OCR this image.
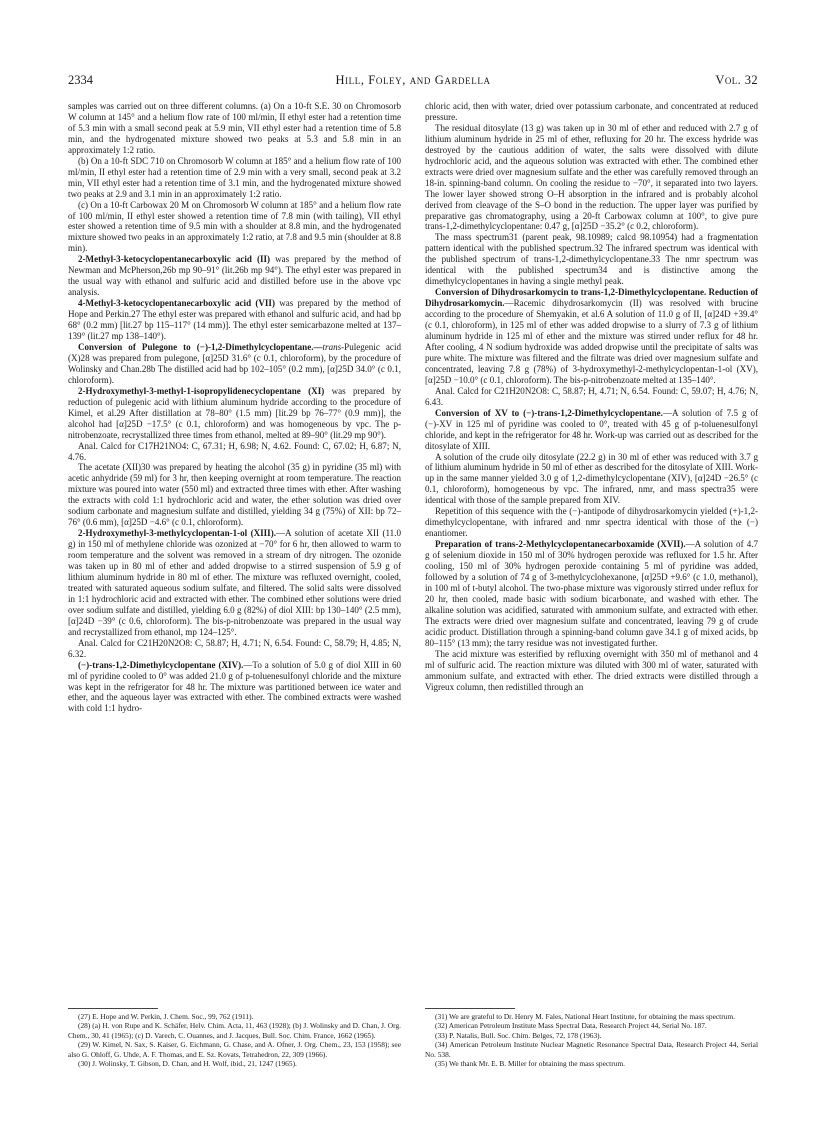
2334	Hill, Foley, and Gardella	Vol. 32

samples was carried out on three different columns. (a) On a 10-ft S.E. 30 on Chromosorb W column at 145° and a helium flow rate of 100 ml/min, II ethyl ester had a retention time of 5.3 min with a small second peak at 5.9 min, VII ethyl ester had a retention time of 5.8 min, and the hydrogenated mixture showed two peaks at 5.3 and 5.8 min in an approximately 1:2 ratio.

(b) On a 10-ft SDC 710 on Chromosorb W column at 185° and a helium flow rate of 100 ml/min, II ethyl ester had a retention time of 2.9 min with a very small, second peak at 3.2 min, VII ethyl ester had a retention time of 3.1 min, and the hydrogenated mixture showed two peaks at 2.9 and 3.1 min in an approximately 1:2 ratio.

(c) On a 10-ft Carbowax 20 M on Chromosorb W column at 185° and a helium flow rate of 100 ml/min, II ethyl ester showed a retention time of 7.8 min (with tailing), VII ethyl ester showed a retention time of 9.5 min with a shoulder at 8.8 min, and the hydrogenated mixture showed two peaks in an approximately 1:2 ratio, at 7.8 and 9.5 min (shoulder at 8.8 min).

2-Methyl-3-ketocyclopentanecarboxylic acid (II) was prepared by the method of Newman and McPherson,26b mp 90–91° (lit.26b mp 94°). The ethyl ester was prepared in the usual way with ethanol and sulfuric acid and distilled before use in the above vpc analysis.

4-Methyl-3-ketocyclopentanecarboxylic acid (VII) was prepared by the method of Hope and Perkin.27 The ethyl ester was prepared with ethanol and sulfuric acid, and had bp 68° (0.2 mm) [lit.27 bp 115–117° (14 mm)]. The ethyl ester semicarbazone melted at 137–139° (lit.27 mp 138–140°).

Conversion of Pulegone to (−)-1,2-Dimethylcyclopentane.—trans-Pulegenic acid (X)28 was prepared from pulegone, [α]25D 31.6° (c 0.1, chloroform), by the procedure of Wolinsky and Chan.28b The distilled acid had bp 102–105° (0.2 mm), [α]25D 34.0° (c 0.1, chloroform).

2-Hydroxymethyl-3-methyl-1-isopropylidenecyclopentane (XI) was prepared by reduction of pulegenic acid with lithium aluminum hydride according to the procedure of Kimel, et al.29 After distillation at 78–80° (1.5 mm) [lit.29 bp 76–77° (0.9 mm)], the alcohol had [α]25D −17.5° (c 0.1, chloroform) and was homogeneous by vpc. The p-nitrobenzoate, recrystallized three times from ethanol, melted at 89–90° (lit.29 mp 90°).

Anal. Calcd for C17H21NO4: C, 67.31; H, 6.98; N, 4.62. Found: C, 67.02; H, 6.87; N, 4.76.

The acetate (XII)30 was prepared by heating the alcohol (35 g) in pyridine (35 ml) with acetic anhydride (59 ml) for 3 hr, then keeping overnight at room temperature. The reaction mixture was poured into water (550 ml) and extracted three times with ether. After washing the extracts with cold 1:1 hydrochloric acid and water, the ether solution was dried over sodium carbonate and magnesium sulfate and distilled, yielding 34 g (75%) of XII: bp 72–76° (0.6 mm), [α]25D −4.6° (c 0.1, chloroform).

2-Hydroxymethyl-3-methylcyclopentan-1-ol (XIII).—A solution of acetate XII (11.0 g) in 150 ml of methylene chloride was ozonized at −70° for 6 hr, then allowed to warm to room temperature and the solvent was removed in a stream of dry nitrogen. The ozonide was taken up in 80 ml of ether and added dropwise to a stirred suspension of 5.9 g of lithium aluminum hydride in 80 ml of ether. The mixture was refluxed overnight, cooled, treated with saturated aqueous sodium sulfate, and filtered. The solid salts were dissolved in 1:1 hydrochloric acid and extracted with ether. The combined ether solutions were dried over sodium sulfate and distilled, yielding 6.0 g (82%) of diol XIII: bp 130–140° (2.5 mm), [α]24D −39° (c 0.6, chloroform). The bis-p-nitrobenzoate was prepared in the usual way and recrystallized from ethanol, mp 124–125°.

Anal. Calcd for C21H20N2O8: C, 58.87; H, 4.71; N, 6.54. Found: C, 58.79; H, 4.85; N, 6.32.

(−)-trans-1,2-Dimethylcyclopentane (XIV).—To a solution of 5.0 g of diol XIII in 60 ml of pyridine cooled to 0° was added 21.0 g of p-toluenesulfonyl chloride and the mixture was kept in the refrigerator for 48 hr. The mixture was partitioned between ice water and ether, and the aqueous layer was extracted with ether. The combined extracts were washed with cold 1:1 hydro-

chloric acid, then with water, dried over potassium carbonate, and concentrated at reduced pressure.

The residual ditosylate (13 g) was taken up in 30 ml of ether and reduced with 2.7 g of lithium aluminum hydride in 25 ml of ether, refluxing for 20 hr. The excess hydride was destroyed by the cautious addition of water, the salts were dissolved with dilute hydrochloric acid, and the aqueous solution was extracted with ether. The combined ether extracts were dried over magnesium sulfate and the ether was carefully removed through an 18-in. spinning-band column. On cooling the residue to −70°, it separated into two layers. The lower layer showed strong O–H absorption in the infrared and is probably alcohol derived from cleavage of the S–O bond in the reduction. The upper layer was purified by preparative gas chromatography, using a 20-ft Carbowax column at 100°, to give pure trans-1,2-dimethylcyclopentane: 0.47 g, [α]25D −35.2° (c 0.2, chloroform).

The mass spectrum31 (parent peak, 98.10989; calcd 98.10954) had a fragmentation pattern identical with the published spectrum.32 The infrared spectrum was identical with the published spectrum of trans-1,2-dimethylcyclopentane.33 The nmr spectrum was identical with the published spectrum34 and is distinctive among the dimethylcyclopentanes in having a single methyl peak.

Conversion of Dihydrosarkomycin to trans-1,2-Dimethylcyclopentane. Reduction of Dihydrosarkomycin.—Racemic dihydrosarkomycin (II) was resolved with brucine according to the procedure of Shemyakin, et al.6 A solution of 11.0 g of II, [α]24D +39.4° (c 0.1, chloroform), in 125 ml of ether was added dropwise to a slurry of 7.3 g of lithium aluminum hydride in 125 ml of ether and the mixture was stirred under reflux for 48 hr. After cooling, 4 N sodium hydroxide was added dropwise until the precipitate of salts was pure white. The mixture was filtered and the filtrate was dried over magnesium sulfate and concentrated, leaving 7.8 g (78%) of 3-hydroxymethyl-2-methylcyclopentan-1-ol (XV), [α]25D −10.0° (c 0.1, chloroform). The bis-p-nitrobenzoate melted at 135–140°.

Anal. Calcd for C21H20N2O8: C, 58.87; H, 4.71; N, 6.54. Found: C, 59.07; H, 4.76; N, 6.43.

Conversion of XV to (−)-trans-1,2-Dimethylcyclopentane.—A solution of 7.5 g of (−)-XV in 125 ml of pyridine was cooled to 0°, treated with 45 g of p-toluenesulfonyl chloride, and kept in the refrigerator for 48 hr. Work-up was carried out as described for the ditosylate of XIII.

A solution of the crude oily ditosylate (22.2 g) in 30 ml of ether was reduced with 3.7 g of lithium aluminum hydride in 50 ml of ether as described for the ditosylate of XIII. Work-up in the same manner yielded 3.0 g of 1,2-dimethylcyclopentane (XIV), [α]24D −26.5° (c 0.1, chloroform), homogeneous by vpc. The infrared, nmr, and mass spectra35 were identical with those of the sample prepared from XIV.

Repetition of this sequence with the (−)-antipode of dihydrosarkomycin yielded (+)-1,2-dimethylcyclopentane, with infrared and nmr spectra identical with those of the (−) enantiomer.

Preparation of trans-2-Methylcyclopentanecarboxamide (XVII).—A solution of 4.7 g of selenium dioxide in 150 ml of 30% hydrogen peroxide was refluxed for 1.5 hr. After cooling, 150 ml of 30% hydrogen peroxide containing 5 ml of pyridine was added, followed by a solution of 74 g of 3-methylcyclohexanone, [α]25D +9.6° (c 1.0, methanol), in 100 ml of t-butyl alcohol. The two-phase mixture was vigorously stirred under reflux for 20 hr, then cooled, made basic with sodium bicarbonate, and washed with ether. The alkaline solution was acidified, saturated with ammonium sulfate, and extracted with ether. The extracts were dried over magnesium sulfate and concentrated, leaving 79 g of crude acidic product. Distillation through a spinning-band column gave 34.1 g of mixed acids, bp 80–115° (13 mm); the tarry residue was not investigated further.

The acid mixture was esterified by refluxing overnight with 350 ml of methanol and 4 ml of sulfuric acid. The reaction mixture was diluted with 300 ml of water, saturated with ammonium sulfate, and extracted with ether. The dried extracts were distilled through a Vigreux column, then redistilled through an

(27) E. Hope and W. Perkin, J. Chem. Soc., 99, 762 (1911).

(28) (a) H. von Rupe and K. Schäfer, Helv. Chim. Acta, 11, 463 (1928); (b) J. Wolinsky and D. Chan, J. Org. Chem., 30, 41 (1965); (c) D. Varech, C. Ouannes, and J. Jacques, Bull. Soc. Chim. France, 1662 (1965).

(29) W. Kimel, N. Sax, S. Kaiser, G. Eichmann, G. Chase, and A. Ofner, J. Org. Chem., 23, 153 (1958); see also G. Ohloff, G. Uhde, A. F. Thomas, and E. Sz. Kovats, Tetrahedron, 22, 309 (1966).

(30) J. Wolinsky, T. Gibson, D. Chan, and H. Wolf, ibid., 21, 1247 (1965).

(31) We are grateful to Dr. Henry M. Fales, National Heart Institute, for obtaining the mass spectrum.

(32) American Petroleum Institute Mass Spectral Data, Research Project 44, Serial No. 187.

(33) P. Natalis, Bull. Soc. Chim. Belges, 72, 178 (1963).

(34) American Petroleum Institute Nuclear Magnetic Resonance Spectral Data, Research Project 44, Serial No. 538.

(35) We thank Mr. E. B. Miller for obtaining the mass spectrum.
